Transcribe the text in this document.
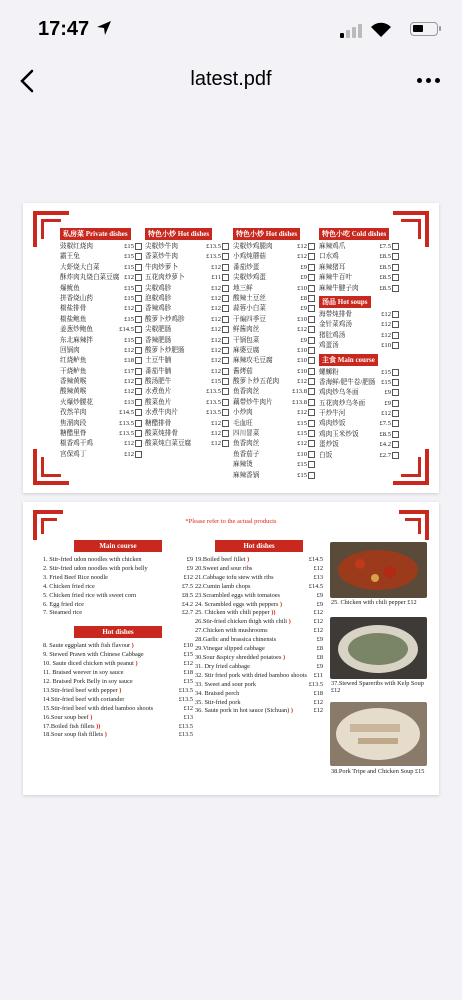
17:47
latest.pdf
私房菜 Private dishes
豉椒红烧肉	£15
霸王兔	£15
大虾烧大白菜	£15
酥炸肉丸烧白菜豆腐 £12
爆鱿鱼	£15
拼香烧山药	£15
椒盐排骨	£12
椒盐鲍鱼	£15
姜葱炒鲍鱼	£14.5
东北麻辣拌	£15
回锅肉	£12
红烧鲈鱼	£18
干烧鲈鱼	£17
香辣黄喉	£12
酸辣黄喉	£12
火爆炒腰花	£13
孜然羊肉	£14.5
焦溜肉段	£13.5
糖醋里脊	£13.5
椒香鸡干鸡	£12
宫保鸡丁	£12
特色小炒 Hot dishes
尖椒炒牛肉	£13.5
香菜炒牛肉	£13.5
牛肉炒萝卜	£12
五花肉炒萝卜	£11
尖椒鸡胗	£12
泡椒鸡胗	£12
香辣鸡胗	£12
酸萝卜炒鸡胗	£12
尖椒肥肠	£12
香辣肥肠	£12
酸萝卜炒肥肠	£12
土豆牛腩	£12
番茄牛腩	£12
酸汤肥牛	£15
水煮鱼片	£13.5
酸菜鱼片	£13.5
水煮牛肉片	£13.5
糖醋排骨	£12
酸菜炖排骨	£12
酸菜炖白菜豆腐	£12
特色小炒 Hot dishes
尖椒炒鸡腿肉	£12
小鸡炖蘑菇	£12
番茄炒蛋	£9
尖椒炒鸡蛋	£9
地三鲜	£10
酸辣土豆丝	£8
蒜蓉小白菜	£9
干煸四季豆	£10
鲜酱肉丝	£12
干锅包菜	£9
麻婆豆腐	£10
麻辣攻毛豆腐	£10
酱烤茄	£10
酸萝卜炒五花肉	£12
鱼香肉丝	£13.8
藕带炒牛肉片	£13.8
小炒肉	£12
毛血旺	£15
四川冒菜	£15
鱼香肉丝	£12
鱼香茄子	£10
麻辣烫	£15
麻辣香锅	£15
特色小吃 Cold dishes
麻辣鸡爪	£7.5
口水鸡	£8.5
麻辣猪耳	£8.5
麻辣牛百叶	£8.5
麻辣牛腱子肉	£8.5
汤品 Hot soups
海带炖排骨	£12
金针菜鸡汤	£12
猪肚鸡汤	£12
鸡蛋汤	£10
主食 Main course
螺蛳粉	£15
香海鲜/肥牛卷/肥肠 £15
鸡肉炒乌冬面	£9
五花肉炒乌冬面	£9
干炒牛河	£12
鸡肉炒饭	£7.5
鸡肉玉米炒饭	£8.5
蛋炒饭	£4.2
白饭	£2.7
*Please refer to the actual products
Main course
1. Stir-fried udon noodles with chicken	£9
2. Stir-fried udon noodles with pork belly	£9
3. Fried Beef Rice noodle	£12
4. Chicken fried rice	£7.5
5. Chicken fried rice with sweet corn	£8.5
6. Egg fried rice	£4.2
7. Steamed rice	£2.7
Hot dishes
8. Saute eggplant with fish flavour )	£10
9. Stewed Prawn with Chinese Cabbage	£15
10. Saute diced chicken with peanut )	£12
11. Braised weever in soy sauce	£18
12. Braised Pork Belly in soy sauce	£15
13.Stir-fried beef with pepper )	£13.5
14.Stir-fried beef with coriander	£13.5
15.Stir-fried beef with dried bamboo shoots	£12
16.Sour soup beef )	£13
17.Boiled fish fillets ))	£13.5
18.Sour soup fish fillets )	£13.5
Hot dishes
19.Boiled beef fillet )	£14.5
20.Sweet and sour ribs	£12
21.Cabbage tofu stew with ribs	£13
22.Cumin lamb chops	£14.5
23.Scrambled eggs with tomatoes	£9
24. Scrambled eggs with peppers )	£9
25. Chicken with chili pepper ))	£12
26.Stir-fried chicken thigh with chili )	£12
27.Chicken with mushrooms	£12
28.Garlic and brassica chinensis	£9
29.Vinegar slipped cabbage	£8
30.Sour &spicy shredded potatoes )	£8
31. Dry fried cabbage	£9
32. Stir fried pork with dried bamboo shoots £11
33. Sweet and sour pork	£13.5
34. Braised perch	£18
35. Stir-fried pork	£12
36. Saute pork in hot sauce (Sichuan) )	£12
25. Chicken with chili pepper £12
37.Stewed Spareribs with Kelp Soup £12
38.Pork Tripe and Chicken Soup £15
